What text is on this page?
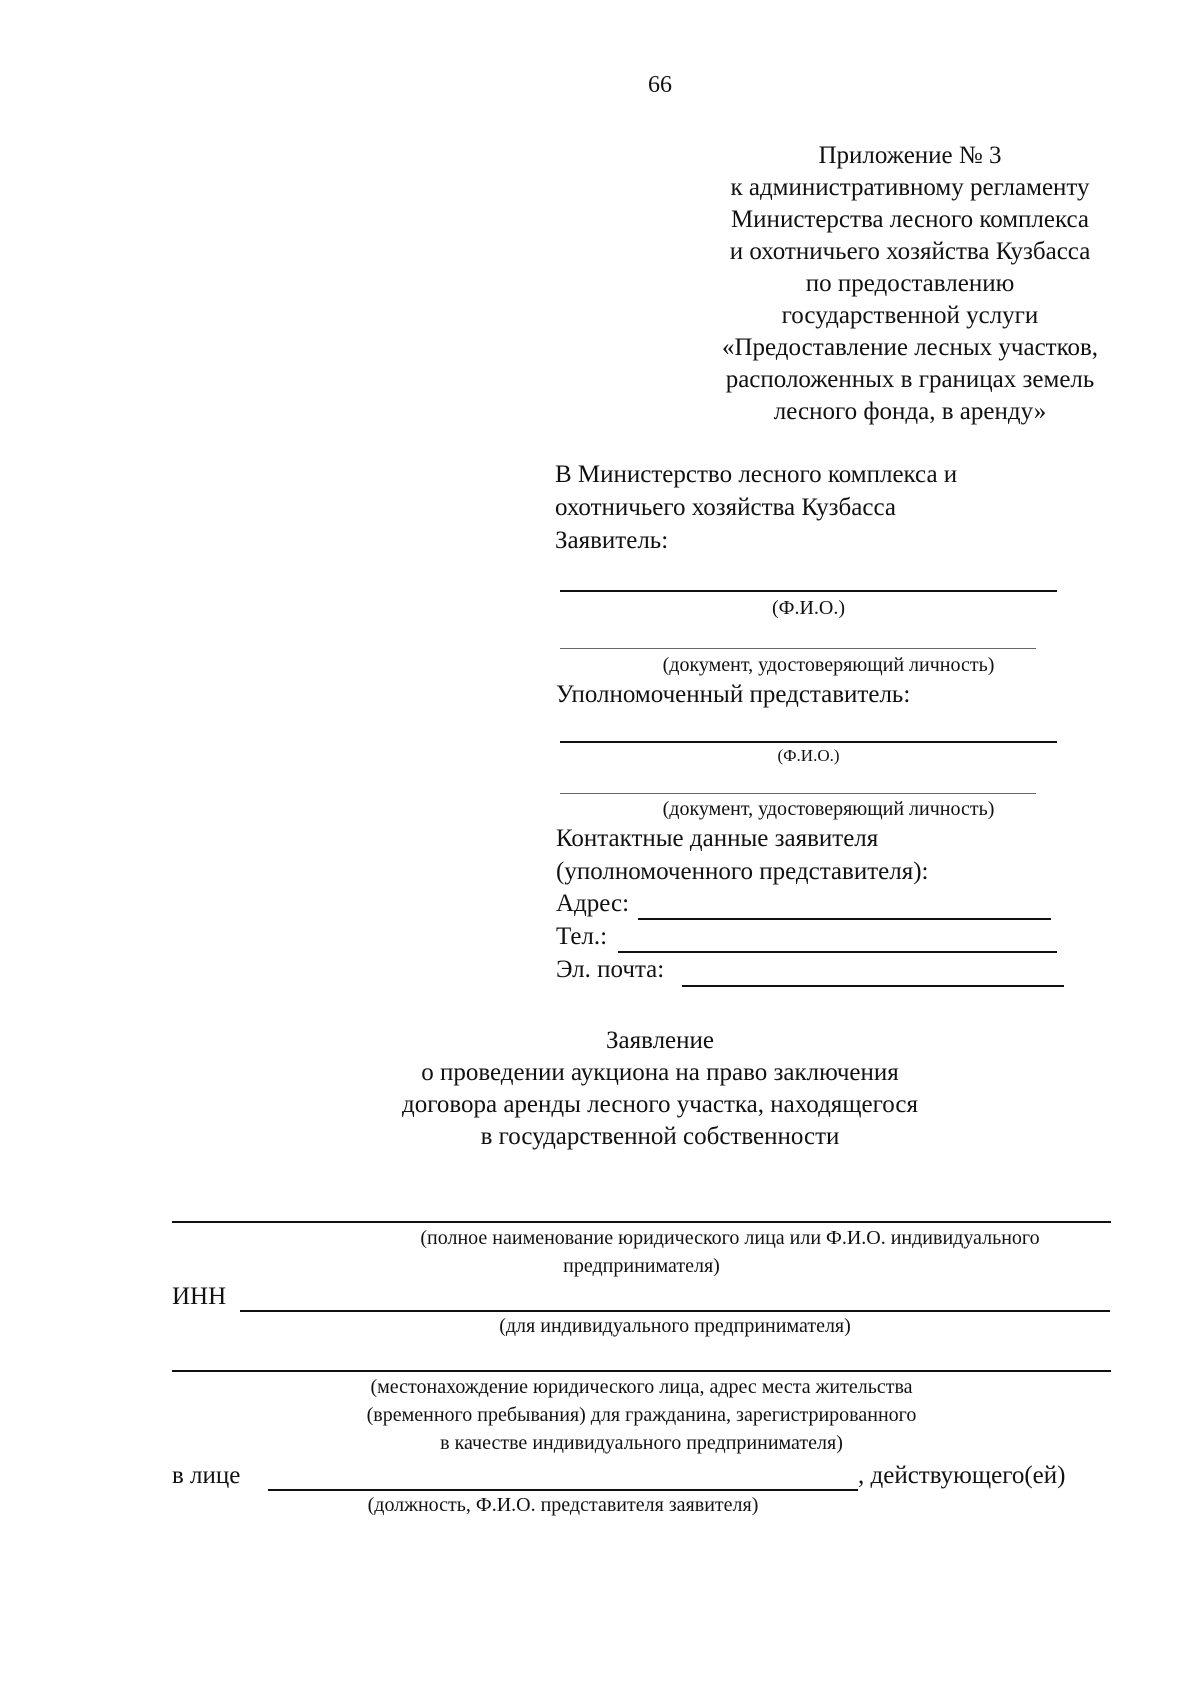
66
Приложение № 3
к административному регламенту
Министерства лесного комплекса
и охотничьего хозяйства Кузбасса
по предоставлению
государственной услуги
«Предоставление лесных участков,
расположенных в границах земель
лесного фонда, в аренду»
В Министерство лесного комплекса и
охотничьего хозяйства Кузбасса
Заявитель:
(Ф.И.О.)
(документ, удостоверяющий личность)
Уполномоченный представитель:
(Ф.И.О.)
(документ, удостоверяющий личность)
Контактные данные заявителя
(уполномоченного представителя):
Адрес:
Тел.:
Эл. почта:
Заявление
о проведении аукциона на право заключения
договора аренды лесного участка, находящегося
в государственной собственности
(полное наименование юридического лица или Ф.И.О. индивидуального
предпринимателя)
ИНН
(для индивидуального предпринимателя)
(местонахождение юридического лица, адрес места жительства
(временного пребывания) для гражданина, зарегистрированного
в качестве индивидуального предпринимателя)
в лице	, действующего(ей)
(должность, Ф.И.О. представителя заявителя)
